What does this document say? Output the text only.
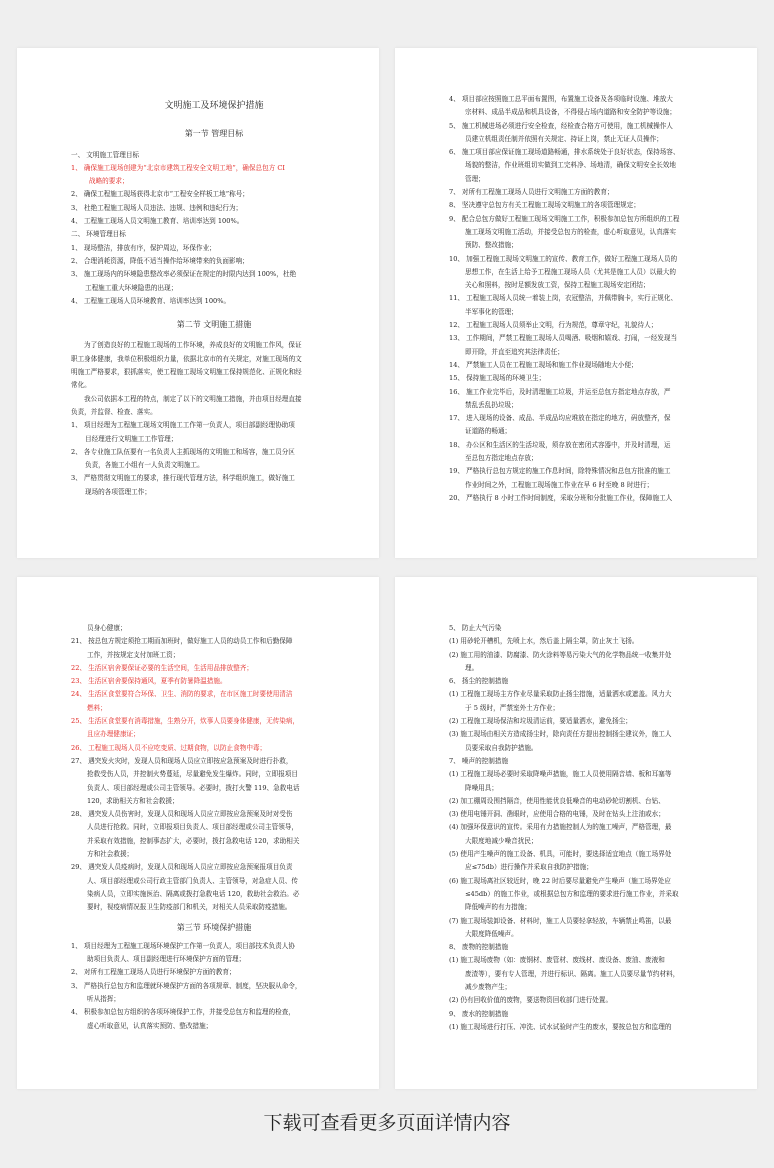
文明施工及环境保护措施

第一节 管理目标

一、 文明施工管理目标

1、 确保施工现场创建为“北京市建筑工程安全文明工地”，确保总包方 CI
战略的要求；

2、 确保工程施工现场获得北京市“工程安全样板工地”称号；

3、 杜绝工程施工现场人员违法、违规、违例和违纪行为；

4、 工程施工现场人员文明施工教育、培训率达到 100%。

二、 环境管理目标

1、 现场整洁，排放有序，保护周边，环保作业；

2、 合理消耗资源，降低不适当操作给环境带来的负面影响；

3、 施工现场内的环境隐患整改率必须保证在规定的时限内达到 100%，杜绝
工程施工重大环境隐患的出现；

4、 工程施工现场人员环境教育、培训率达到 100%。

第二节 文明施工措施

为了创造良好的工程施工现场的工作环境，养成良好的文明施工作风，保证

职工身体健康，我单位积极组织力量，依据北京市的有关规定，对施工现场的文

明施工严格要求，狠抓落实，使工程施工现场文明施工保持规范化、正规化和经

常化。

我公司依据本工程的特点，制定了以下的文明施工措施，并由项目经理直接

负责，并监督、检查、落实。

1、 项目经理为工程施工现场文明施工工作第一负责人，项目部副经理协助项
目经理进行文明施工工作管理；

2、 各专业施工队伍要有一名负责人主抓现场的文明施工和场容，施工员分区
负责，各施工小组有一人负责文明施工。

3、 严格贯彻文明施工的要求，推行现代管理方法，科学组织施工，做好施工
现场的各项管理工作；

4、 项目部应按照施工总平面布置图，布置施工设备及各项临时设施、堆放大

宗材料、成品半成品和机具设备，不得侵占场内道路和安全防护等设施；

5、 施工机械进场必须进行安全检查，经检查合格方可使用，施工机械操作人

员建立机组责任制并依照有关规定、持证上岗，禁止无证人员操作；

6、 施工项目部应保证施工现场道路畅通，排水系统处于良好状态，保持场容、

场貌的整洁，作业班组切实做到工完料净、场地清，确保文明安全长效地

管理；

7、 对所有工程施工现场人员进行文明施工方面的教育；

8、 坚决遵守总包方有关工程施工现场文明施工的各项管理规定；

9、 配合总包方做好工程施工现场文明施工工作，积极参加总包方所组织的工程

施工现场文明施工活动，并接受总包方的检查，虚心听取意见，认真落实

预防、整改措施；

10、 加强工程施工现场文明施工的宣传、教育工作，做好工程施工现场人员的

思想工作，在生活上给予工程施工现场人员（尤其是施工人员）以最大的

关心和照料，按时足额发放工资，保持工程施工现场安定团结；

11、 工程施工现场人员统一着装上岗，衣冠整洁，并佩带胸卡，实行正规化、

半军事化的管理；

12、 工程施工现场人员须举止文明，行为规范，尊章守纪，礼貌待人；

13、 工作期间，严禁工程施工现场人员喝酒、吸烟和嬉戏、打闹，一经发现当

即开除，并直至追究其法律责任；

14、 严禁施工人员在工程施工现场和施工作业现场随地大小便；

15、 保持施工现场的环境卫生；

16、 施工作业完毕后，及时清理施工垃圾，并运至总包方指定地点存放，严

禁乱丢乱扔垃圾；

17、 进入现场的设备、成品、半成品均应堆放在指定的地方，码放整齐，保

证道路的畅通；

18、 办公区和生活区的生活垃圾，须存放在密闭式容器中，并及时清理，运

至总包方指定地点存放；

19、 严格执行总包方规定的施工作息时间，除特殊情况和总包方批准的施工

作业时间之外，工程施工现场施工作业在早 6 时至晚 8 时进行；

20、 严格执行 8 小时工作时间制度，采取分班和分批施工作业，保障施工人

员身心健康；

21、 按总包方规定须抢工期而加班时，做好施工人员的动员工作和后勤保障

工作，并按规定支付加班工资；

22、 生活区宿舍要保证必要的生活空间，生活用品排放整齐；

23、 生活区宿舍要保持通风，夏季有防暑降温措施。

24、 生活区食堂要符合环保、卫生、消防的要求，在市区施工时要使用清洁

燃料；

25、 生活区食堂要有消毒措施，生熟分开，炊事人员要身体健康，无传染病，

且应办理健康证；

26、 工程施工现场人员不应吃变质、过期食物，以防止食物中毒；

27、 遇突发火灾时，发现人员和现场人员应立即按应急预案及时进行扑救，

抢救受伤人员，并控制火势蔓延，尽量避免发生爆炸。同时，立即报项目

负责人、项目部经理或公司主管领导。必要时，拨打火警 119、急救电话

120，求助相关方和社会救援；

28、 遇突发人员伤害时，发现人员和现场人员应立即按应急预案及时对受伤

人员进行抢救。同时，立即报项目负责人、项目部经理或公司主管领导，

并采取有效措施，控制事态扩大，必要时，拨打急救电话 120，求助相关

方和社会救援；

29、 遇突发人员疫病时，发现人员和现场人员应立即按应急预案报项目负责

人、项目部经理或公司行政主管部门负责人、主管领导，对急症人员、传

染病人员，立即实施医治、隔离或拨打急救电话 120，救助社会救治。必

要时，视疫病情况报卫生防疫部门和机关，对相关人员采取防疫措施。

第三节 环境保护措施

1、 项目经理为工程施工现场环境保护工作第一负责人，项目部技术负责人协

助项目负责人、项目副经理进行环境保护方面的管理；

2、 对所有工程施工现场人员进行环境保护方面的教育；

3、 严格执行总包方和监理就环境保护方面的各项规章、制度，坚决服从命令，

听从指挥；

4、 积极参加总包方组织的各项环境保护工作，并接受总包方和监理的检查，

虚心听取意见，认真落实预防、整改措施；

5、 防止大气污染

(1) 用砂轮开槽机，先喷上水，然后盖上隔尘罩，防止灰土飞扬。

(2) 施工用的油漆、防腐漆、防火涂料等易污染大气的化学物品统一收集并处

理。

6、 扬尘的控制措施

(1) 工程施工现场主方作业尽量采取防止扬尘措施，适量洒水或遮盖。风力大

于 5 级时，严禁室外土方作业；

(2) 工程施工现场保洁和垃圾清运前，要适量洒水，避免扬尘；

(3) 施工现场由相关方造成扬尘时，除向责任方提出控制扬尘建议外，施工人

员要采取自我防护措施。

7、 噪声的控制措施

(1) 工程施工现场必要时采取降噪声措施，施工人员使用隔音墙、板和耳塞等

降噪用具；

(2) 加工棚周设围挡隔音，使用性能优良低噪音的电动砂轮切割机、台钻、

(3) 使用电锤开洞、凿眼时，应使用合格的电锤，及时在钻头上注油或水；

(4) 加强环保意识的宣传。采用有力措施控制人为的施工噪声，严格管理，最

大限度地减少噪音扰民；

(5) 使用产生噪声的施工设备、机具，可能时，要选择适宜地点（施工场界处

应≤75db）进行操作并采取自我防护措施；

(6) 施工现场离社区较近时，晚 22 时后要尽量避免产生噪声（施工场界处应

≤45db）的施工作业，或根据总包方和监理的要求进行施工作业，并采取

降低噪声的有力措施；

(7) 施工现场装卸设备、材料时，施工人员要轻拿轻放，车辆禁止鸣笛，以最

大限度降低噪声。

8、 废物的控制措施

(1) 施工现场废物（如：废钢材、废管材、废线材、废设备、废油、废液和

废渣等），要有专人管理，并进行标识、隔离。施工人员要尽量节约材料，

减少废物产生；

(2) 仍有回收价值的废物，要送物资回收部门进行处置。

9、 废水的控制措施

(1) 施工现场进行打压、冲洗、试水试验时产生的废水，要按总包方和监理的

下载可查看更多页面详情内容
